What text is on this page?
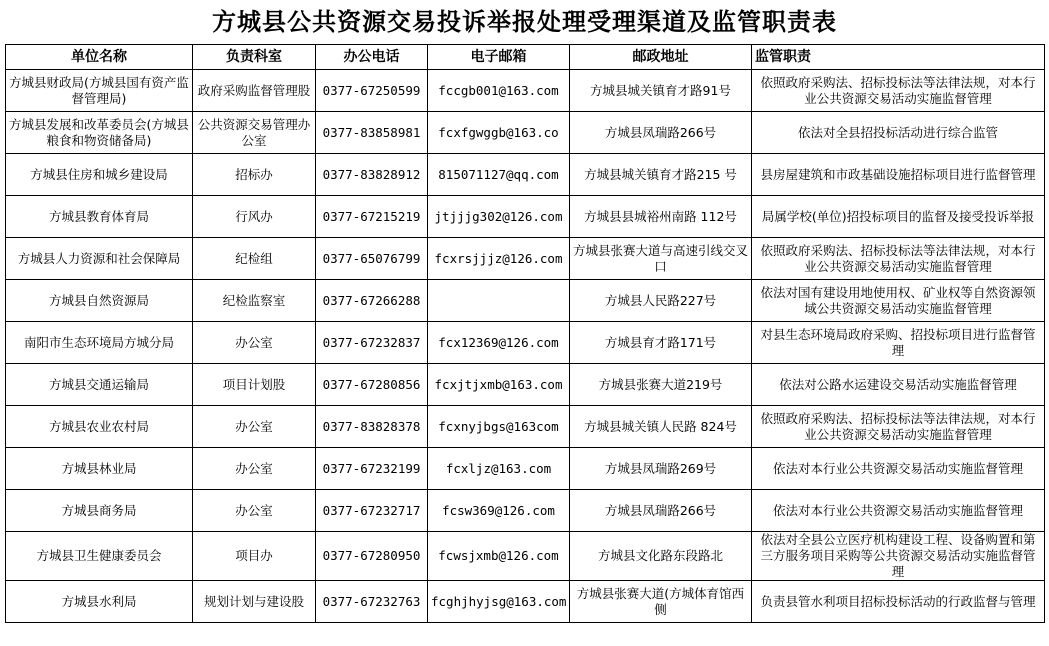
方城县公共资源交易投诉举报处理受理渠道及监管职责表
单位名称	负责科室	办公电话	电子邮箱	邮政地址	监管职责
方城县财政局(方城县国有资产监督管理局)	政府采购监督管理股	0377-67250599	fccgb001@163.com	方城县城关镇育才路91号	依照政府采购法、招标投标法等法律法规，对本行业公共资源交易活动实施监督管理
方城县发展和改革委员会(方城县粮食和物资储备局)	公共资源交易管理办公室	0377-83858981	fcxfgwggb@163.co	方城县凤瑞路266号	依法对全县招投标活动进行综合监管
方城县住房和城乡建设局	招标办	0377-83828912	815071127@qq.com	方城县城关镇育才路215 号	县房屋建筑和市政基础设施招标项目进行监督管理
方城县教育体育局	行风办	0377-67215219	jtjjjg302@126.com	方城县县城裕州南路 112号	局属学校(单位)招投标项目的监督及接受投诉举报
方城县人力资源和社会保障局	纪检组	0377-65076799	fcxrsjjjz@126.com	方城县张赛大道与高速引线交叉口	依照政府采购法、招标投标法等法律法规，对本行业公共资源交易活动实施监督管理
方城县自然资源局	纪检监察室	0377-67266288		方城县人民路227号	依法对国有建设用地使用权、矿业权等自然资源领域公共资源交易活动实施监督管理
南阳市生态环境局方城分局	办公室	0377-67232837	fcx12369@126.com	方城县育才路171号	对县生态环境局政府采购、招投标项目进行监督管理
方城县交通运输局	项目计划股	0377-67280856	fcxjtjxmb@163.com	方城县张赛大道219号	依法对公路水运建设交易活动实施监督管理
方城县农业农村局	办公室	0377-83828378	fcxnyjbgs@163com	方城县城关镇人民路 824号	依照政府采购法、招标投标法等法律法规，对本行业公共资源交易活动实施监督管理
方城县林业局	办公室	0377-67232199	fcxljz@163.com	方城县凤瑞路269号	依法对本行业公共资源交易活动实施监督管理
方城县商务局	办公室	0377-67232717	fcsw369@126.com	方城县凤瑞路266号	依法对本行业公共资源交易活动实施监督管理
方城县卫生健康委员会	项目办	0377-67280950	fcwsjxmb@126.com	方城县文化路东段路北	依法对全县公立医疗机构建设工程、设备购置和第三方服务项目采购等公共资源交易活动实施监督管理
方城县水利局	规划计划与建设股	0377-67232763	fcghjhyjsg@163.com	方城县张赛大道(方城体育馆西侧	负责县管水利项目招标投标活动的行政监督与管理
